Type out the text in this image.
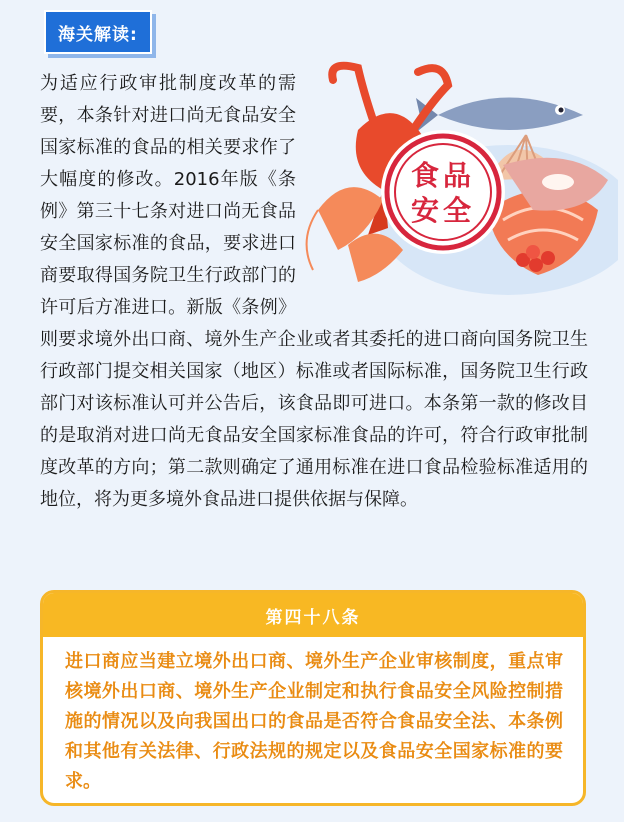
海关解读:
食品
安全

为适应行政审批制度改革的需要，本条针对进口尚无食品安全国家标准的食品的相关要求作了大幅度的修改。2016年版《条例》第三十七条对进口尚无食品安全国家标准的食品，要求进口商要取得国务院卫生行政部门的许可后方准进口。新版《条例》则要求境外出口商、境外生产企业或者其委托的进口商向国务院卫生行政部门提交相关国家（地区）标准或者国际标准，国务院卫生行政部门对该标准认可并公告后，该食品即可进口。本条第一款的修改目的是取消对进口尚无食品安全国家标准食品的许可，符合行政审批制度改革的方向；第二款则确定了通用标准在进口食品检验标准适用的地位，将为更多境外食品进口提供依据与保障。

第四十八条
进口商应当建立境外出口商、境外生产企业审核制度，重点审核境外出口商、境外生产企业制定和执行食品安全风险控制措施的情况以及向我国出口的食品是否符合食品安全法、本条例和其他有关法律、行政法规的规定以及食品安全国家标准的要求。
